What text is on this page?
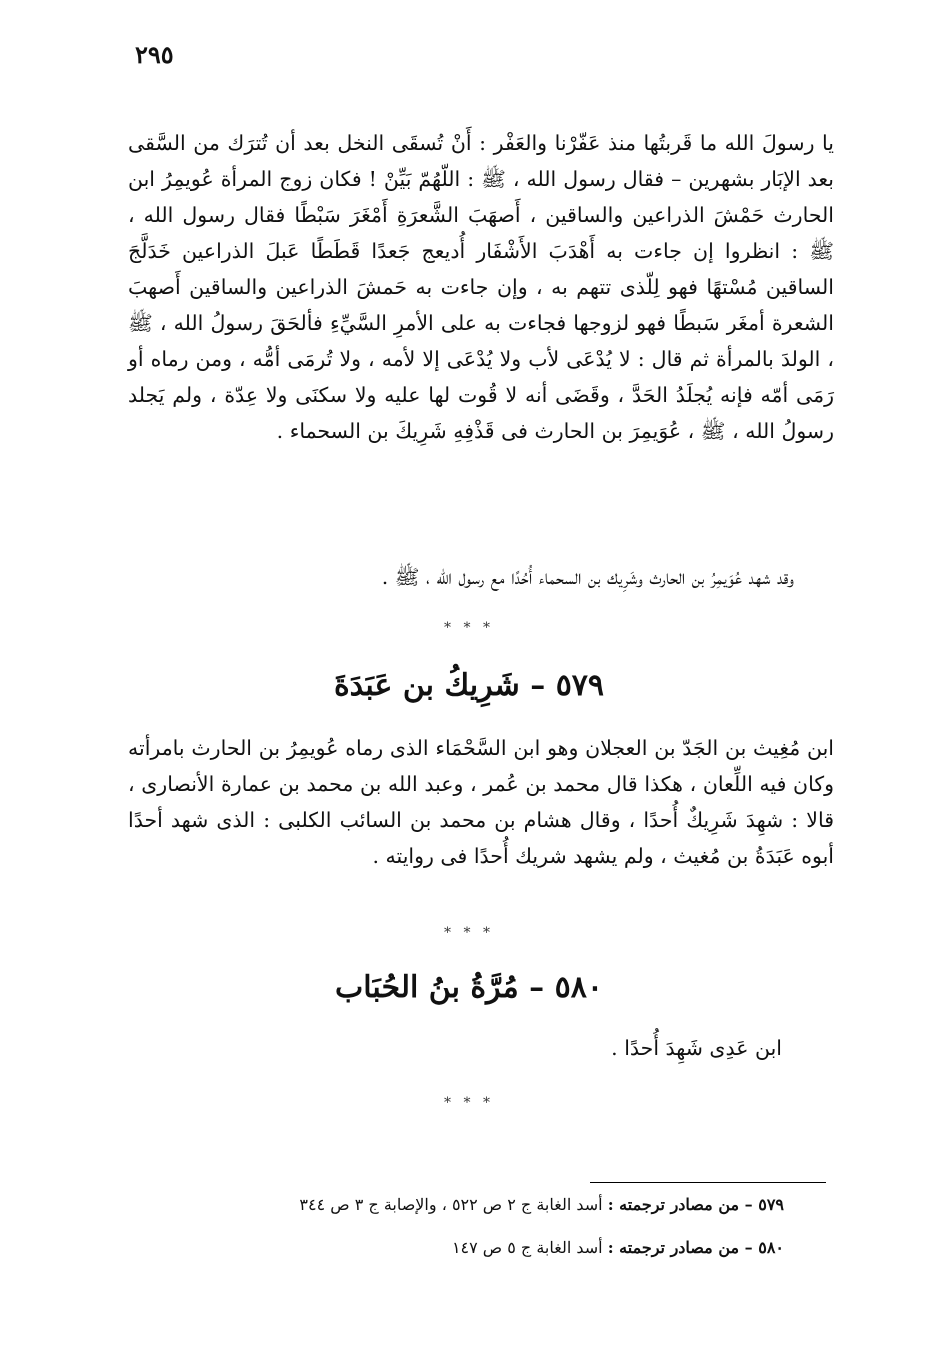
٢٩٥

يا رسولَ الله ما قَربتُها منذ عَفّرْنا والعَفْر : أَنْ تُسقَى النخل بعد أن تُترَك من السَّقى بعد الإبَار بشهرين – فقال رسول الله ، ﷺ : اللّهُمّ بَيِّنْ ! فكان زوج المرأة عُويمِرُ ابن الحارث حَمْشَ الذراعين والساقين ، أَصهَبَ الشَّعرَةِ أَمْغَرَ سَبْطًا فقال رسول الله ، ﷺ : انظروا إن جاءت به أَهْدَبَ الأَشْفَار أُديعج جَعدًا قَطَطًا عَبلَ الذراعين خَدَلَّجَ الساقين مُسْتهًا فهو لِلّذى تتهم به ، وإن جاءت به حَمشَ الذراعين والساقين أَصهبَ الشعرة أمغَر سَبطًا فهو لزوجها فجاءت به على الأمرِ السَّيِّءِ فألحَقَ رسولُ الله ، ﷺ ، الولدَ بالمرأة ثم قال : لا يُدْعَى لأب ولا يُدْعَى إلا لأمه ، ولا تُرمَى أمُّه ، ومن رماه أو رَمَى أمّه فإنه يُجلَدُ الحَدَّ ، وقَضَى أنه لا قُوت لها عليه ولا سكنَى ولا عِدّة ، ولم يَجلد رسولُ الله ، ﷺ ، عُوَيمِرَ بن الحارث فى قَذْفِهِ شَرِيكَ بن السحماء .

وقد شهد عُوَيمِرُ بن الحارث وشَرِيك بن السحماء أُحُدًا مع رسول الله ، ﷺ .

* * *
٥٧٩ – شَرِيكُ بن عَبَدَةَ

ابن مُغِيث بن الجَدّ بن العجلان وهو ابن السَّحْمَاء الذى رماه عُويمِرُ بن الحارث بامرأته وكان فيه اللِّعان ، هكذا قال محمد بن عُمر ، وعبد الله بن محمد بن عمارة الأنصارى ، قالا : شهِدَ شَرِيكٌ أُحدًا ، وقال هشام بن محمد بن السائب الكلبى : الذى شهد أحدًا أبوه عَبَدَةُ بن مُغيث ، ولم يشهد شريك أُحدًا فى روايته .

* * *
٥٨٠ – مُرَّةُ بنُ الحُبَاب

ابن عَدِى شَهِدَ أُحدًا .

* * *

٥٧٩ – من مصادر ترجمته : أسد الغابة ج ٢ ص ٥٢٢ ، والإصابة ج ٣ ص ٣٤٤

٥٨٠ – من مصادر ترجمته : أسد الغابة ج ٥ ص ١٤٧
